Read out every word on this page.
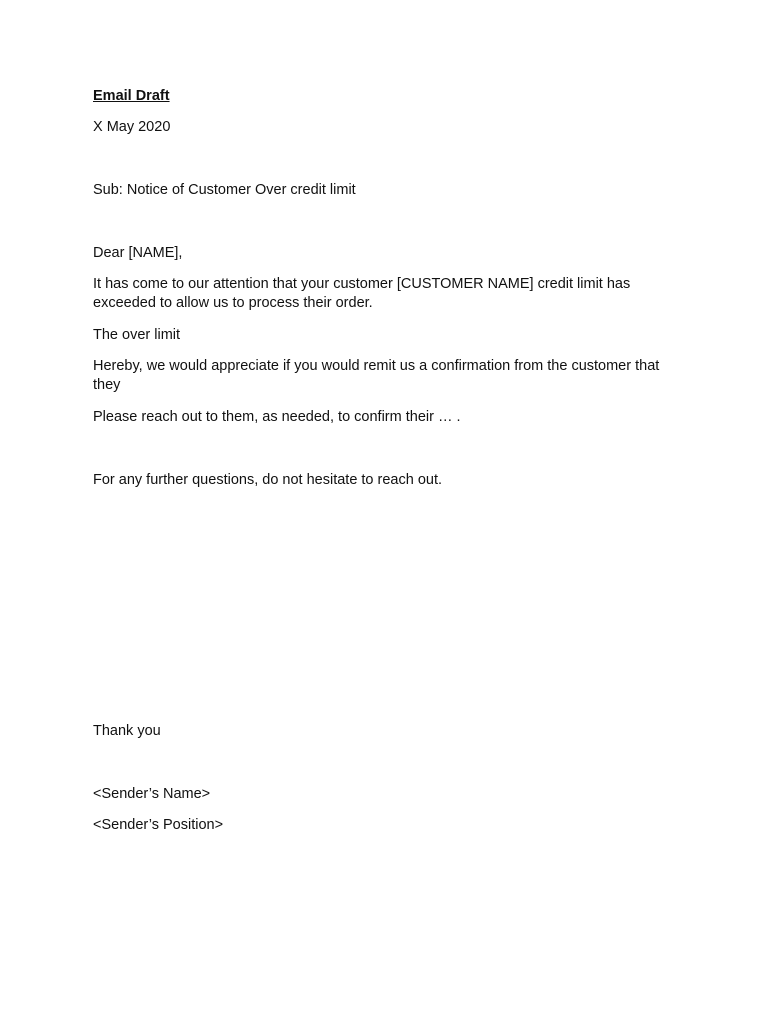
Email Draft

X May 2020

Sub: Notice of Customer Over credit limit

Dear [NAME],

It has come to our attention that your customer [CUSTOMER NAME] credit limit has exceeded to allow us to process their order.

The over limit

Hereby, we would appreciate if you would remit us a confirmation from the customer that they

Please reach out to them, as needed, to confirm their … .

For any further questions, do not hesitate to reach out.

Thank you

<Sender’s Name>

<Sender’s Position>
